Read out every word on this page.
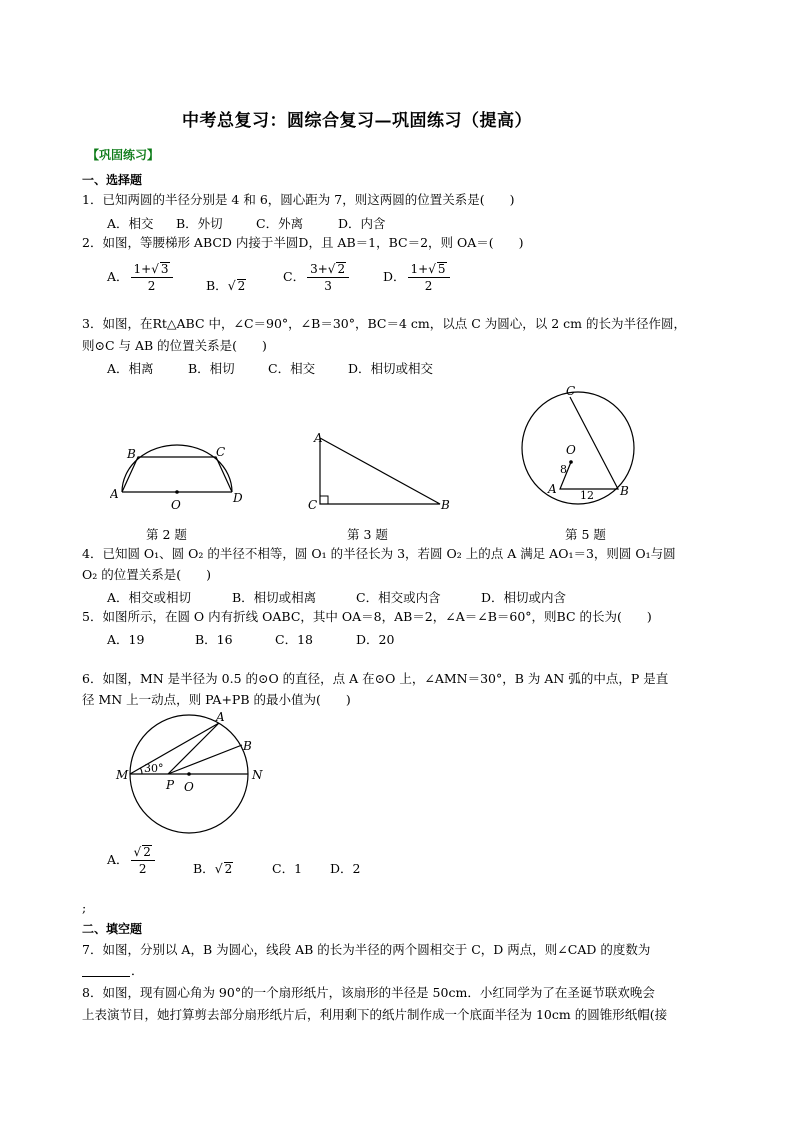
中考总复习：圆综合复习—巩固练习（提高）
【巩固练习】
一、选择题
1．已知两圆的半径分别是 4 和 6，圆心距为 7，则这两圆的位置关系是(　　)
A．相交 B．外切	C．外离	D．内含
2．如图，等腰梯形 ABCD 内接于半圆D，且 AB＝1，BC＝2，则 OA＝(　　)
A． $\frac{1+√ 3}{2}$	B．√ 2
C． $\frac{3+√ 2}{3}$	D． $\frac{1+√ 5}{2}$
3．如图，在Rt△ABC 中，∠C＝90°，∠B＝30°，BC＝4 cm，以点 C 为圆心，以 2 cm 的长为半径作圆，
则⊙C 与 AB 的位置关系是(　　)
A．相离	B．相切	C．相交	D．相切或相交
A
B	C
D
O
第 2 题
A
C	B
第 3 题
C
O
8
A 12 B
第 5 题
4．已知圆 O₁、圆 O₂ 的半径不相等，圆 O₁ 的半径长为 3，若圆 O₂ 上的点 A 满足 AO₁＝3，则圆 O₁与圆
O₂ 的位置关系是(　　)
A．相交或相切	B．相切或相离	C．相交或内含	D．相切或内含
5．如图所示，在圆 O 内有折线 OABC，其中 OA＝8，AB＝2，∠A＝∠B＝60°，则BC 的长为(　　)
A．19	B．16	C．18	D．20
6．如图，MN 是半径为 0.5 的⊙O 的直径，点 A 在⊙O 上，∠AMN＝30°，B 为 AN 弧的中点，P 是直
径 MN 上一动点，则 PA+PB 的最小值为(　　)
A
B
M	N
30°
P O
A． $\frac{√ 2}{2}$	B．√ 2	C．1 D．2
;
二、填空题
7．如图，分别以 A，B 为圆心，线段 AB 的长为半径的两个圆相交于 C，D 两点，则∠CAD 的度数为
．
8．如图，现有圆心角为 90°的一个扇形纸片，该扇形的半径是 50cm．小红同学为了在圣诞节联欢晚会
上表演节目，她打算剪去部分扇形纸片后，利用剩下的纸片制作成一个底面半径为 10cm 的圆锥形纸帽(接
